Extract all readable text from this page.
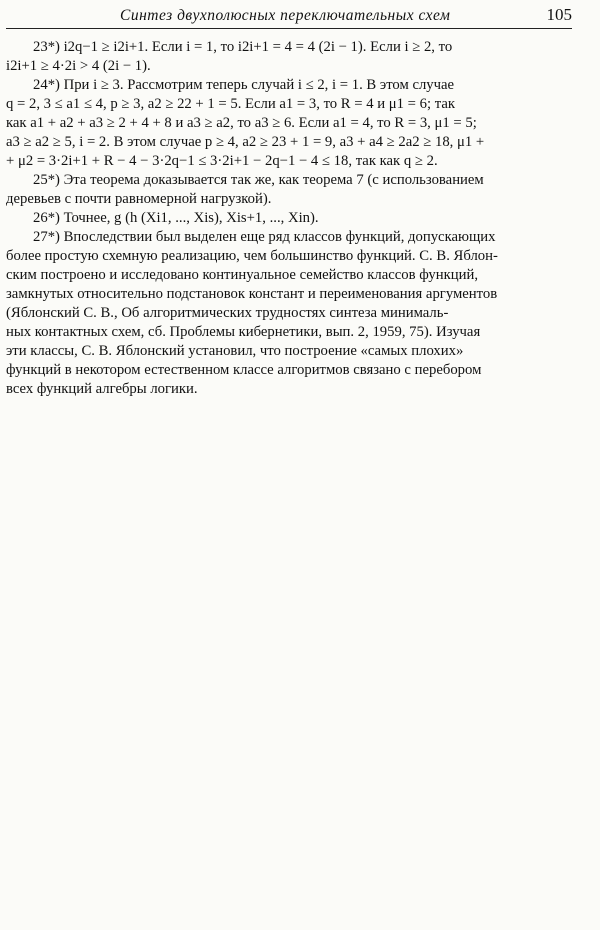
Синтез двухполюсных переключательных схем	105
23*) i2q−1 ≥ i2i+1. Если i = 1, то i2i+1 = 4 = 4 (2i − 1). Если i ≥ 2, то
i2i+1 ≥ 4·2i > 4 (2i − 1).
24*) При i ≥ 3. Рассмотрим теперь случай i ≤ 2, i = 1. В этом случае
q = 2, 3 ≤ a1 ≤ 4, p ≥ 3, a2 ≥ 22 + 1 = 5. Если a1 = 3, то R = 4 и μ1 = 6; так
как a1 + a2 + a3 ≥ 2 + 4 + 8 и a3 ≥ a2, то a3 ≥ 6. Если a1 = 4, то R = 3, μ1 = 5;
a3 ≥ a2 ≥ 5, i = 2. В этом случае p ≥ 4, a2 ≥ 23 + 1 = 9, a3 + a4 ≥ 2a2 ≥ 18, μ1 +
+ μ2 = 3·2i+1 + R − 4 − 3·2q−1 ≤ 3·2i+1 − 2q−1 − 4 ≤ 18, так как q ≥ 2.
25*) Эта теорема доказывается так же, как теорема 7 (с использованием
деревьев с почти равномерной нагрузкой).
26*) Точнее, g (h (Xi1, ..., Xis), Xis+1, ..., Xin).
27*) Впоследствии был выделен еще ряд классов функций, допускающих
более простую схемную реализацию, чем большинство функций. С. В. Яблон-
ским построено и исследовано континуальное семейство классов функций,
замкнутых относительно подстановок констант и переименования аргументов
(Яблонский С. В., Об алгоритмических трудностях синтеза минималь-
ных контактных схем, сб. Проблемы кибернетики, вып. 2, 1959, 75). Изучая
эти классы, С. В. Яблонский установил, что построение «самых плохих»
функций в некотором естественном классе алгоритмов связано с перебором
всех функций алгебры логики.
